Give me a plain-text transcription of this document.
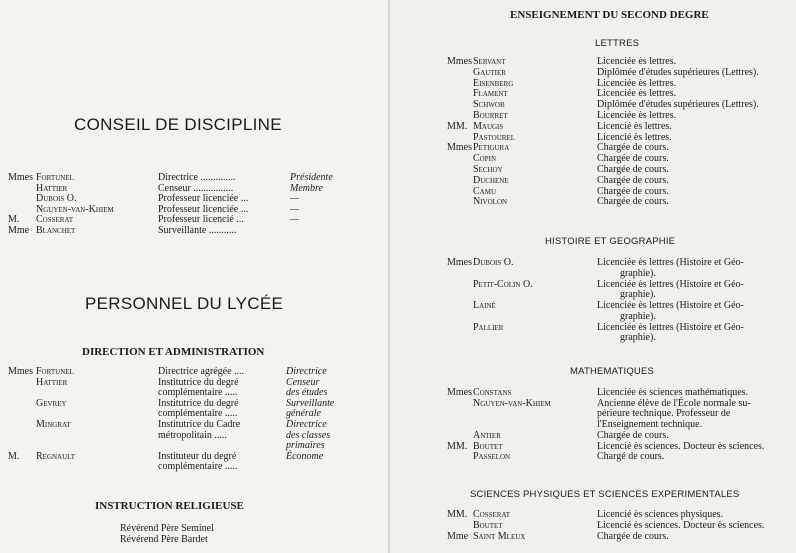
CONSEIL DE DISCIPLINE
Mmes Fortunel	Directrice ..............	Présidente
Hattier	Censeur ................	Membre
Dubois O.	Professeur licenciée ...	—
Nguyen-van-Khiem	Professeur licenciée ...	—
M. Cosserat	Professeur licencié ...	—
Mme Blanchet	Surveillante ...........
PERSONNEL DU LYCÉE
DIRECTION ET ADMINISTRATION
Mmes Fortunel	Directrice agrégée ....	Directrice
Hattier	Institutrice du degré	Censeur
complémentaire .....	des études
Gevrey	Institutrice du degré	Surveillante
complémentaire .....	générale
Mingrat	Institutrice du Cadre	Directrice
métropolitain .....	des classes
primaires
M. Regnault	Instituteur du degré	Économe
complémentaire .....
INSTRUCTION RELIGIEUSE
Révérend Père Seminel
Révérend Père Bardet
ENSEIGNEMENT DU SECOND DEGRE
LETTRES
Mmes Servant	Licenciée ès lettres.
Gautier	Diplômée d'études supérieures (Lettres).
Eisenberg	Licenciée ès lettres.
Flament	Licenciée ès lettres.
Schwob	Diplômée d'études supérieures (Lettres).
Bourret	Licenciée ès lettres.
MM. Maugis	Licencié ès lettres.
Pastourel	Licencié ès lettres.
Mmes Petigura	Chargée de cours.
Copin	Chargée de cours.
Sechoy	Chargée de cours.
Duchene	Chargée de cours.
Camu	Chargée de cours.
Nivolon	Chargée de cours.
HISTOIRE ET GEOGRAPHIE
Mmes Dubois O.	Licenciée ès lettres (Histoire et Géo-
graphie).
Petit-Colin O.	Licenciée ès lettres (Histoire et Géo-
graphie).
Lainé	Licenciée ès lettres (Histoire et Géo-
graphie).
Pallier	Licenciée ès lettres (Histoire et Géo-
graphie).
MATHEMATIQUES
Mmes Constans	Licenciée ès sciences mathématiques.
Nguyen-van-Khiem	Ancienne élève de l'École normale su-
périeure technique. Professeur de
l'Enseignement technique.
Antier	Chargée de cours.
MM. Boutet	Licencié ès sciences. Docteur ès sciences.
Passelon	Chargé de cours.
SCIENCES PHYSIQUES ET SCIENCES EXPERIMENTALES
MM. Cosserat	Licencié ès sciences physiques.
Boutet	Licencié ès sciences. Docteur ès sciences.
Mme Saint Mleux	Chargée de cours.
